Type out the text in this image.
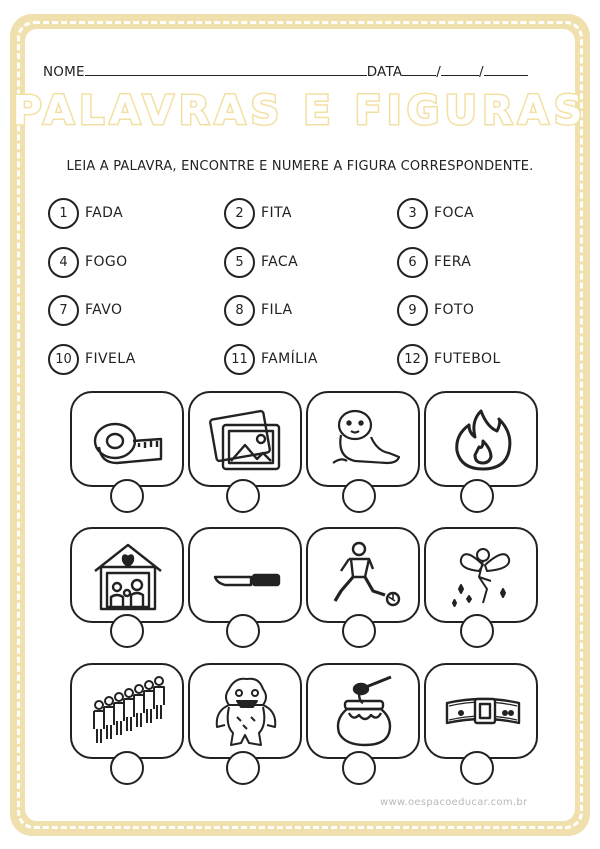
NOME	DATA	/	/
PALAVRAS E FIGURAS
LEIA A PALAVRA, ENCONTRE E NUMERE A FIGURA CORRESPONDENTE.
1	FADA	2	FITA	3	FOCA
4	FOGO	5	FACA	6	FERA
7	FAVO	8	FILA	9	FOTO
10 FIVELA	11 FAMÍLIA	12 FUTEBOL
www.oespacoeducar.com.br
